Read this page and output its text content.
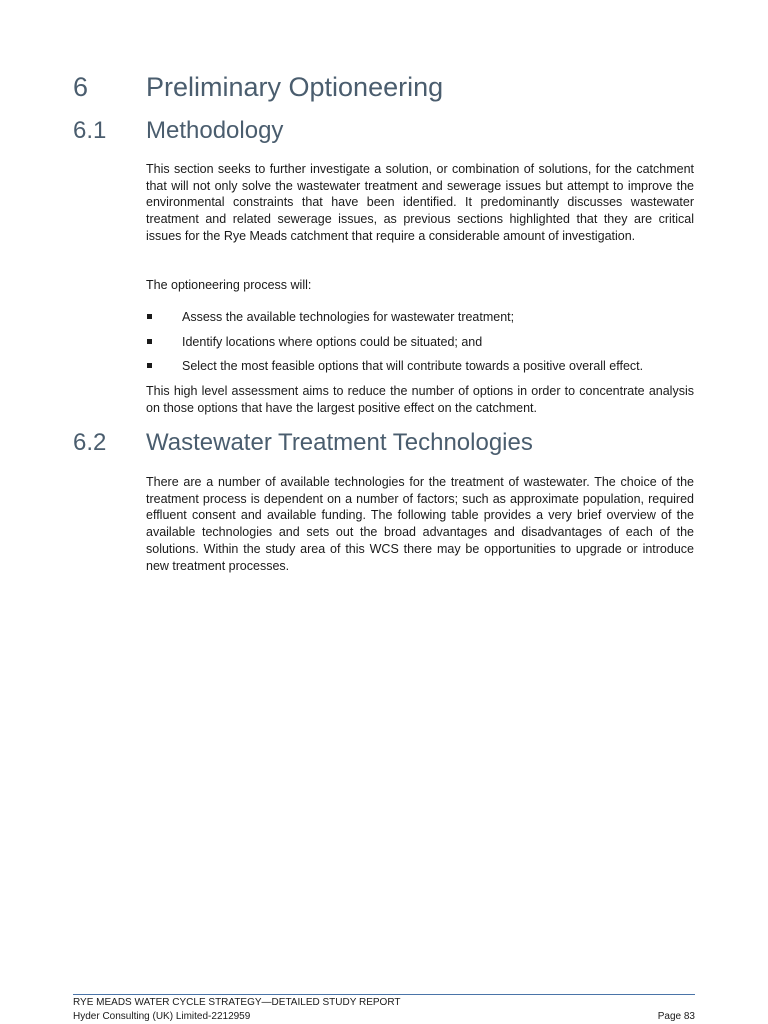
6 Preliminary Optioneering
6.1 Methodology

This section seeks to further investigate a solution, or combination of solutions, for the catchment that will not only solve the wastewater treatment and sewerage issues but attempt to improve the environmental constraints that have been identified. It predominantly discusses wastewater treatment and related sewerage issues, as previous sections highlighted that they are critical issues for the Rye Meads catchment that require a considerable amount of investigation.

The optioneering process will:

Assess the available technologies for wastewater treatment;
Identify locations where options could be situated; and
Select the most feasible options that will contribute towards a positive overall effect.

This high level assessment aims to reduce the number of options in order to concentrate analysis on those options that have the largest positive effect on the catchment.

6.2 Wastewater Treatment Technologies

There are a number of available technologies for the treatment of wastewater. The choice of the treatment process is dependent on a number of factors; such as approximate population, required effluent consent and available funding. The following table provides a very brief overview of the available technologies and sets out the broad advantages and disadvantages of each of the solutions. Within the study area of this WCS there may be opportunities to upgrade or introduce new treatment processes.

RYE MEADS WATER CYCLE STRATEGY—DETAILED STUDY REPORT
Hyder Consulting (UK) Limited-2212959	Page 83
